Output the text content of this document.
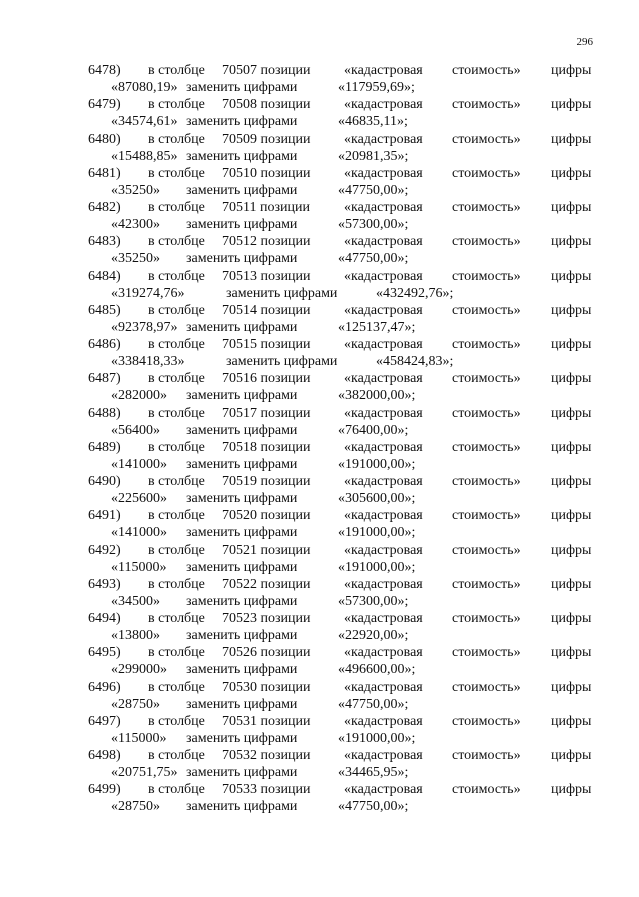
296
6478) в столбце 70507 позиции «кадастровая стоимость» цифры
«87080,19» заменить цифрами	«117959,69»;
6479) в столбце 70508 позиции «кадастровая стоимость» цифры
«34574,61» заменить цифрами	«46835,11»;
6480) в столбце 70509 позиции «кадастровая стоимость» цифры
«15488,85» заменить цифрами	«20981,35»;
6481) в столбце 70510 позиции «кадастровая стоимость» цифры
«35250» заменить цифрами	«47750,00»;
6482) в столбце 70511 позиции «кадастровая стоимость» цифры
«42300» заменить цифрами	«57300,00»;
6483) в столбце 70512 позиции «кадастровая стоимость» цифры
«35250» заменить цифрами	«47750,00»;
6484) в столбце 70513 позиции «кадастровая стоимость» цифры
«319274,76»	заменить цифрами	«432492,76»;
6485) в столбце 70514 позиции «кадастровая стоимость» цифры
«92378,97» заменить цифрами	«125137,47»;
6486) в столбце 70515 позиции «кадастровая стоимость» цифры
«338418,33»	заменить цифрами	«458424,83»;
6487) в столбце 70516 позиции «кадастровая стоимость» цифры
«282000» заменить цифрами	«382000,00»;
6488) в столбце 70517 позиции «кадастровая стоимость» цифры
«56400» заменить цифрами	«76400,00»;
6489) в столбце 70518 позиции «кадастровая стоимость» цифры
«141000» заменить цифрами	«191000,00»;
6490) в столбце 70519 позиции «кадастровая стоимость» цифры
«225600» заменить цифрами	«305600,00»;
6491) в столбце 70520 позиции «кадастровая стоимость» цифры
«141000» заменить цифрами	«191000,00»;
6492) в столбце 70521 позиции «кадастровая стоимость» цифры
«115000» заменить цифрами	«191000,00»;
6493) в столбце 70522 позиции «кадастровая стоимость» цифры
«34500» заменить цифрами	«57300,00»;
6494) в столбце 70523 позиции «кадастровая стоимость» цифры
«13800» заменить цифрами	«22920,00»;
6495) в столбце 70526 позиции «кадастровая стоимость» цифры
«299000» заменить цифрами	«496600,00»;
6496) в столбце 70530 позиции «кадастровая стоимость» цифры
«28750» заменить цифрами	«47750,00»;
6497) в столбце 70531 позиции «кадастровая стоимость» цифры
«115000» заменить цифрами	«191000,00»;
6498) в столбце 70532 позиции «кадастровая стоимость» цифры
«20751,75» заменить цифрами	«34465,95»;
6499) в столбце 70533 позиции «кадастровая стоимость» цифры
«28750» заменить цифрами	«47750,00»;
